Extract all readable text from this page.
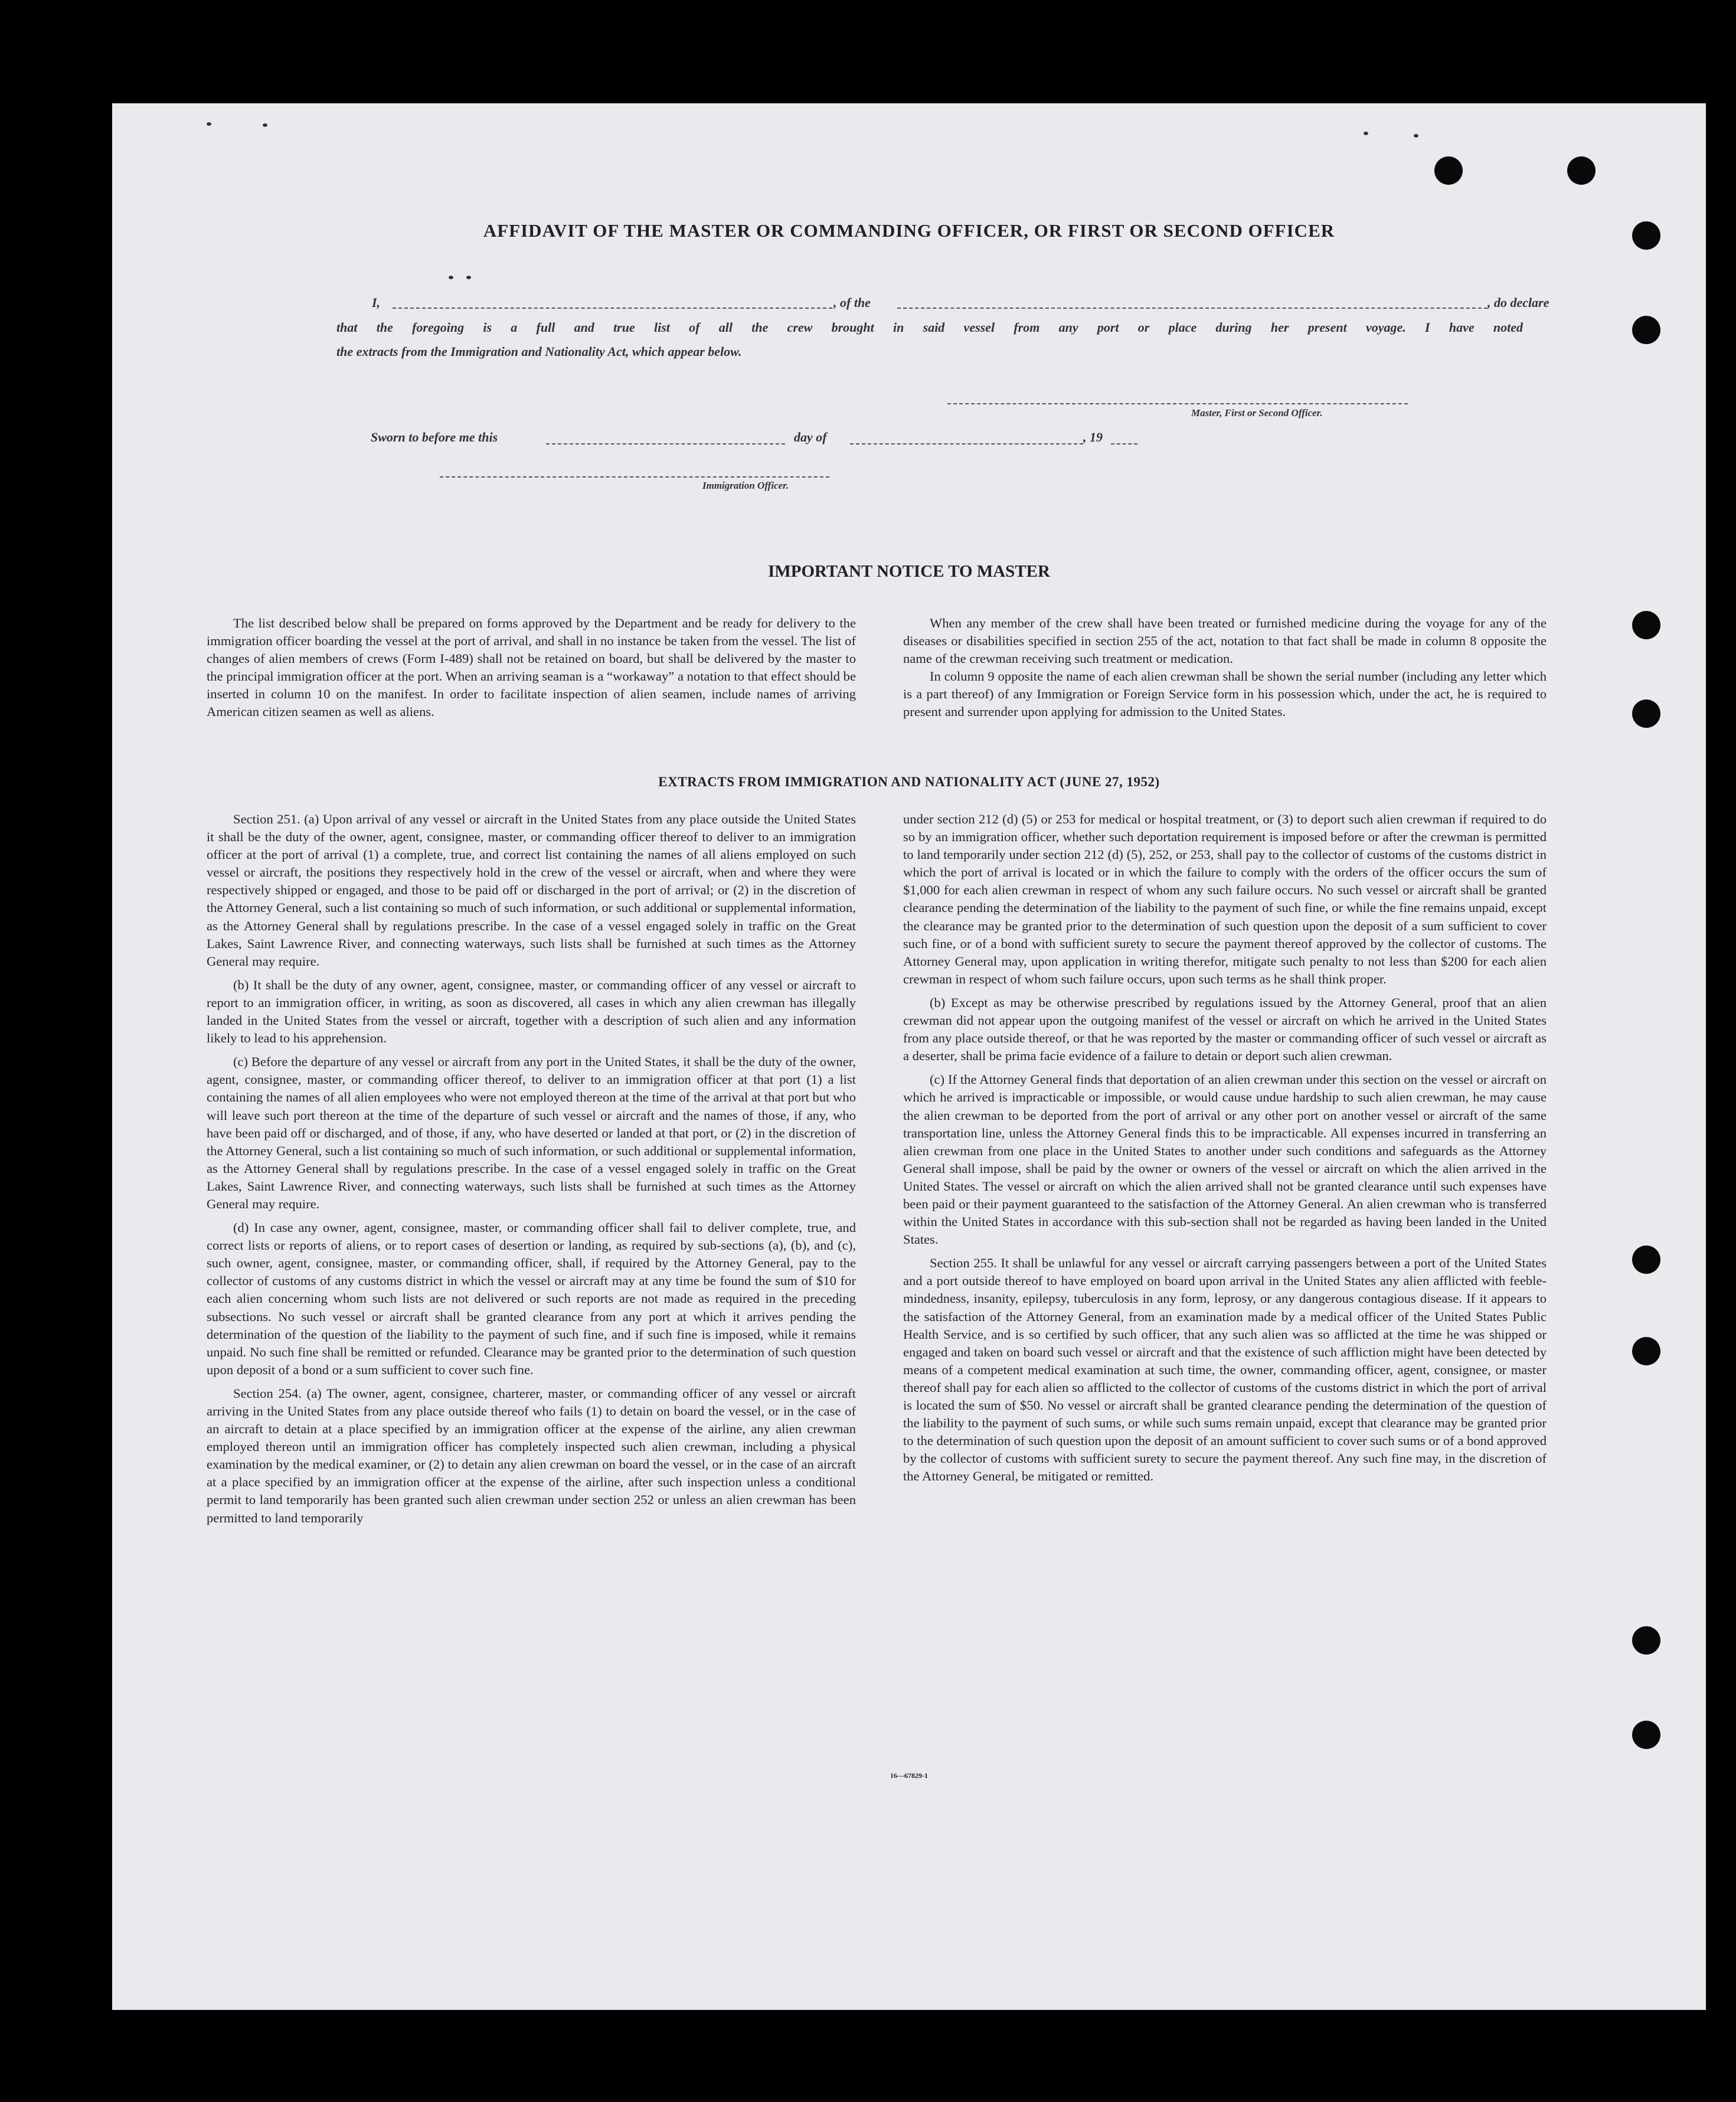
AFFIDAVIT OF THE MASTER OR COMMANDING OFFICER, OR FIRST OR SECOND OFFICER
I,	, of the	, do declare
that the foregoing is a full and true list of all the crew brought in said vessel from any port or place during her present voyage. I have noted
the extracts from the Immigration and Nationality Act, which appear below.
Master, First or Second Officer.
Sworn to before me this	day of	, 19
Immigration Officer.
IMPORTANT NOTICE TO MASTER

The list described below shall be prepared on forms approved by the Department and be ready for delivery to the immigration officer boarding the vessel at the port of arrival, and shall in no instance be taken from the vessel. The list of changes of alien members of crews (Form I-489) shall not be retained on board, but shall be delivered by the master to the principal immigration officer at the port. When an arriving seaman is a “workaway” a notation to that effect should be inserted in column 10 on the manifest. In order to facilitate inspection of alien seamen, include names of arriving American citizen seamen as well as aliens.

When any member of the crew shall have been treated or furnished medicine during the voyage for any of the diseases or disabilities specified in section 255 of the act, notation to that fact shall be made in column 8 opposite the name of the crewman receiving such treatment or medication.

In column 9 opposite the name of each alien crewman shall be shown the serial number (including any letter which is a part thereof) of any Immigration or Foreign Service form in his possession which, under the act, he is required to present and surrender upon applying for admission to the United States.

EXTRACTS FROM IMMIGRATION AND NATIONALITY ACT (JUNE 27, 1952)

Section 251. (a) Upon arrival of any vessel or aircraft in the United States from any place outside the United States it shall be the duty of the owner, agent, consignee, master, or commanding officer thereof to deliver to an immigration officer at the port of arrival (1) a complete, true, and correct list containing the names of all aliens employed on such vessel or aircraft, the positions they respectively hold in the crew of the vessel or aircraft, when and where they were respectively shipped or engaged, and those to be paid off or discharged in the port of arrival; or (2) in the discretion of the Attorney General, such a list containing so much of such information, or such additional or supplemental information, as the Attorney General shall by regulations prescribe. In the case of a vessel engaged solely in traffic on the Great Lakes, Saint Lawrence River, and connecting waterways, such lists shall be furnished at such times as the Attorney General may require.

(b) It shall be the duty of any owner, agent, consignee, master, or commanding officer of any vessel or aircraft to report to an immigration officer, in writing, as soon as discovered, all cases in which any alien crewman has illegally landed in the United States from the vessel or aircraft, together with a description of such alien and any information likely to lead to his apprehension.

(c) Before the departure of any vessel or aircraft from any port in the United States, it shall be the duty of the owner, agent, consignee, master, or commanding officer thereof, to deliver to an immigration officer at that port (1) a list containing the names of all alien employees who were not employed thereon at the time of the arrival at that port but who will leave such port thereon at the time of the departure of such vessel or aircraft and the names of those, if any, who have been paid off or discharged, and of those, if any, who have deserted or landed at that port, or (2) in the discretion of the Attorney General, such a list containing so much of such information, or such additional or supplemental information, as the Attorney General shall by regulations prescribe. In the case of a vessel engaged solely in traffic on the Great Lakes, Saint Lawrence River, and connecting waterways, such lists shall be furnished at such times as the Attorney General may require.

(d) In case any owner, agent, consignee, master, or commanding officer shall fail to deliver complete, true, and correct lists or reports of aliens, or to report cases of desertion or landing, as required by sub-sections (a), (b), and (c), such owner, agent, consignee, master, or commanding officer, shall, if required by the Attorney General, pay to the collector of customs of any customs district in which the vessel or aircraft may at any time be found the sum of $10 for each alien concerning whom such lists are not delivered or such reports are not made as required in the preceding subsections. No such vessel or aircraft shall be granted clearance from any port at which it arrives pending the determination of the question of the liability to the payment of such fine, and if such fine is imposed, while it remains unpaid. No such fine shall be remitted or refunded. Clearance may be granted prior to the determination of such question upon deposit of a bond or a sum sufficient to cover such fine.

Section 254. (a) The owner, agent, consignee, charterer, master, or commanding officer of any vessel or aircraft arriving in the United States from any place outside thereof who fails (1) to detain on board the vessel, or in the case of an aircraft to detain at a place specified by an immigration officer at the expense of the airline, any alien crewman employed thereon until an immigration officer has completely inspected such alien crewman, including a physical examination by the medical examiner, or (2) to detain any alien crewman on board the vessel, or in the case of an aircraft at a place specified by an immigration officer at the expense of the airline, after such inspection unless a conditional permit to land temporarily has been granted such alien crewman under section 252 or unless an alien crewman has been permitted to land temporarily

under section 212 (d) (5) or 253 for medical or hospital treatment, or (3) to deport such alien crewman if required to do so by an immigration officer, whether such deportation requirement is imposed before or after the crewman is permitted to land temporarily under section 212 (d) (5), 252, or 253, shall pay to the collector of customs of the customs district in which the port of arrival is located or in which the failure to comply with the orders of the officer occurs the sum of $1,000 for each alien crewman in respect of whom any such failure occurs. No such vessel or aircraft shall be granted clearance pending the determination of the liability to the payment of such fine, or while the fine remains unpaid, except the clearance may be granted prior to the determination of such question upon the deposit of a sum sufficient to cover such fine, or of a bond with sufficient surety to secure the payment thereof approved by the collector of customs. The Attorney General may, upon application in writing therefor, mitigate such penalty to not less than $200 for each alien crewman in respect of whom such failure occurs, upon such terms as he shall think proper.

(b) Except as may be otherwise prescribed by regulations issued by the Attorney General, proof that an alien crewman did not appear upon the outgoing manifest of the vessel or aircraft on which he arrived in the United States from any place outside thereof, or that he was reported by the master or commanding officer of such vessel or aircraft as a deserter, shall be prima facie evidence of a failure to detain or deport such alien crewman.

(c) If the Attorney General finds that deportation of an alien crewman under this section on the vessel or aircraft on which he arrived is impracticable or impossible, or would cause undue hardship to such alien crewman, he may cause the alien crewman to be deported from the port of arrival or any other port on another vessel or aircraft of the same transportation line, unless the Attorney General finds this to be impracticable. All expenses incurred in transferring an alien crewman from one place in the United States to another under such conditions and safeguards as the Attorney General shall impose, shall be paid by the owner or owners of the vessel or aircraft on which the alien arrived in the United States. The vessel or aircraft on which the alien arrived shall not be granted clearance until such expenses have been paid or their payment guaranteed to the satisfaction of the Attorney General. An alien crewman who is transferred within the United States in accordance with this sub-section shall not be regarded as having been landed in the United States.

Section 255. It shall be unlawful for any vessel or aircraft carrying passengers between a port of the United States and a port outside thereof to have employed on board upon arrival in the United States any alien afflicted with feeble-mindedness, insanity, epilepsy, tuberculosis in any form, leprosy, or any dangerous contagious disease. If it appears to the satisfaction of the Attorney General, from an examination made by a medical officer of the United States Public Health Service, and is so certified by such officer, that any such alien was so afflicted at the time he was shipped or engaged and taken on board such vessel or aircraft and that the existence of such affliction might have been detected by means of a competent medical examination at such time, the owner, commanding officer, agent, consignee, or master thereof shall pay for each alien so afflicted to the collector of customs of the customs district in which the port of arrival is located the sum of $50. No vessel or aircraft shall be granted clearance pending the determination of the question of the liability to the payment of such sums, or while such sums remain unpaid, except that clearance may be granted prior to the determination of such question upon the deposit of an amount sufficient to cover such sums or of a bond approved by the collector of customs with sufficient surety to secure the payment thereof. Any such fine may, in the discretion of the Attorney General, be mitigated or remitted.

16—67829-1
